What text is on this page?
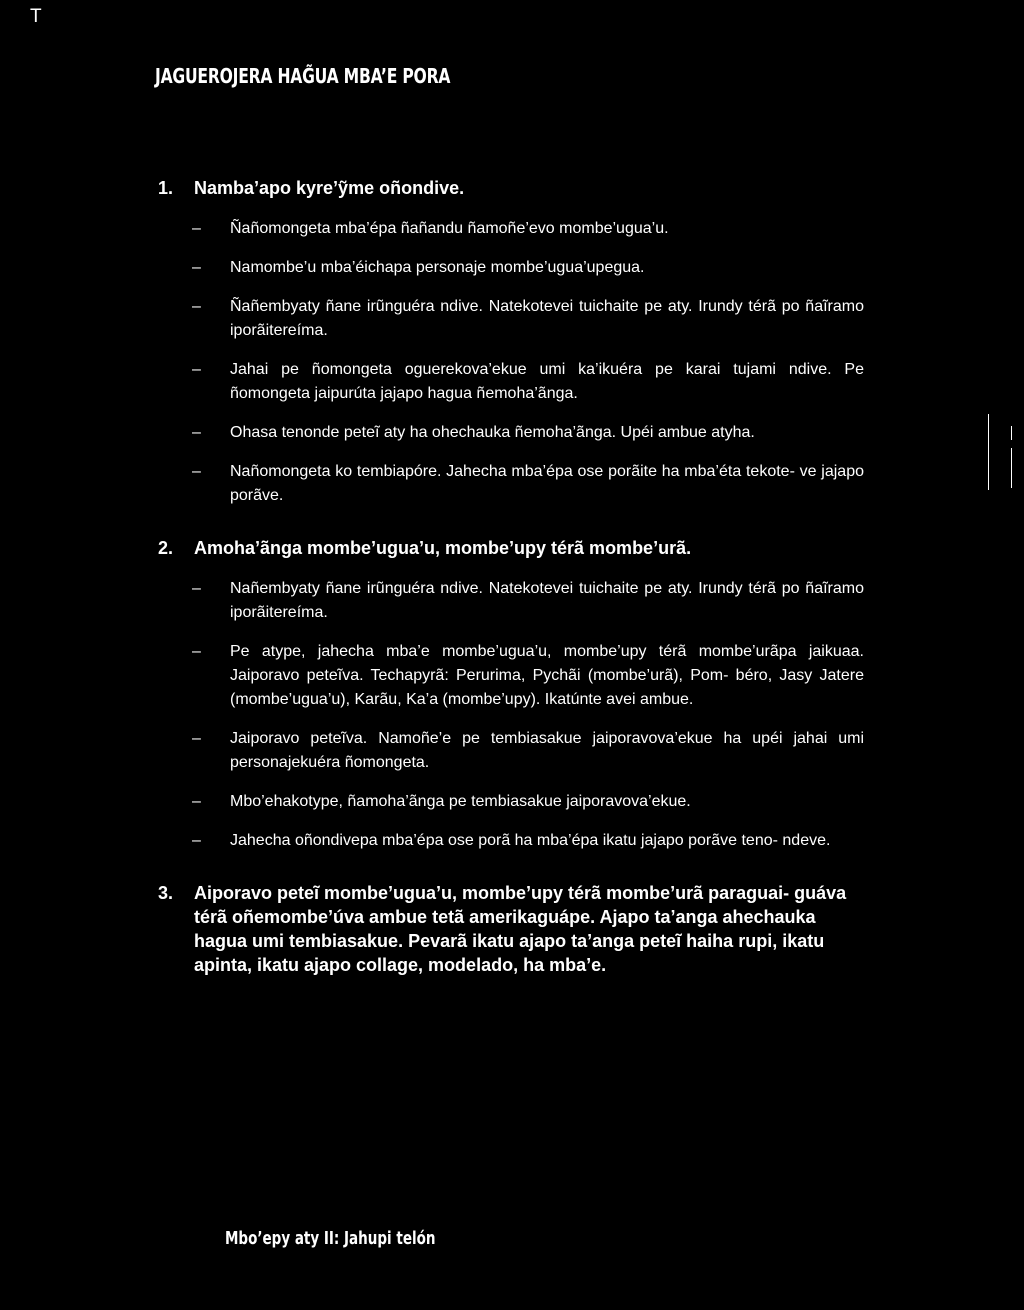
T
JAGUEROJERA HAG̃UA MBA’E PORA
1.	Namba’apo kyre’ỹme oñondive.
–	Ñañomongeta mba’épa ñañandu ñamoñe’evo mombe’ugua’u.
–	Namombe’u mba’éichapa personaje mombe’ugua’upegua.
–	Ñañembyaty ñane irũnguéra ndive. Natekotevei tuichaite pe aty. Irundy térã po ñaĩramo iporãitereíma.
–	Jahai pe ñomongeta oguerekova’ekue umi ka’ikuéra pe karai tujami ndive. Pe ñomongeta jaipurúta jajapo hagua ñemoha’ãnga.
–	Ohasa tenonde peteĩ aty ha ohechauka ñemoha’ãnga. Upéi ambue atyha.
–	Nañomongeta ko tembiapóre. Jahecha mba’épa ose porãite ha mba’éta tekote- ve jajapo porãve.
2.	Amoha’ãnga mombe’ugua’u, mombe’upy térã mombe’urã.
–	Nañembyaty ñane irũnguéra ndive. Natekotevei tuichaite pe aty. Irundy térã po ñaĩramo iporãitereíma.
–	Pe atype, jahecha mba’e mombe’ugua’u, mombe’upy térã mombe’urãpa jaikuaa. Jaiporavo peteĩva. Techapyrã: Perurima, Pychãi (mombe’urã), Pom- béro, Jasy Jatere (mombe’ugua’u), Karãu, Ka’a (mombe’upy). Ikatúnte avei ambue.
–	Jaiporavo peteĩva. Namoñe’e pe tembiasakue jaiporavova’ekue ha upéi jahai umi personajekuéra ñomongeta.
–	Mbo’ehakotype, ñamoha’ãnga pe tembiasakue jaiporavova’ekue.
–	Jahecha oñondivepa mba’épa ose porã ha mba’épa ikatu jajapo porãve teno- ndeve.
3.	Aiporavo peteĩ mombe’ugua’u, mombe’upy térã mombe’urã paraguai- guáva térã oñemombe’úva ambue tetã amerikaguápe. Ajapo ta’anga ahechauka hagua umi tembiasakue. Pevarã ikatu ajapo ta’anga peteĩ haiha rupi, ikatu apinta, ikatu ajapo collage, modelado, ha mba’e.
Mbo’epy aty II: Jahupi telón
